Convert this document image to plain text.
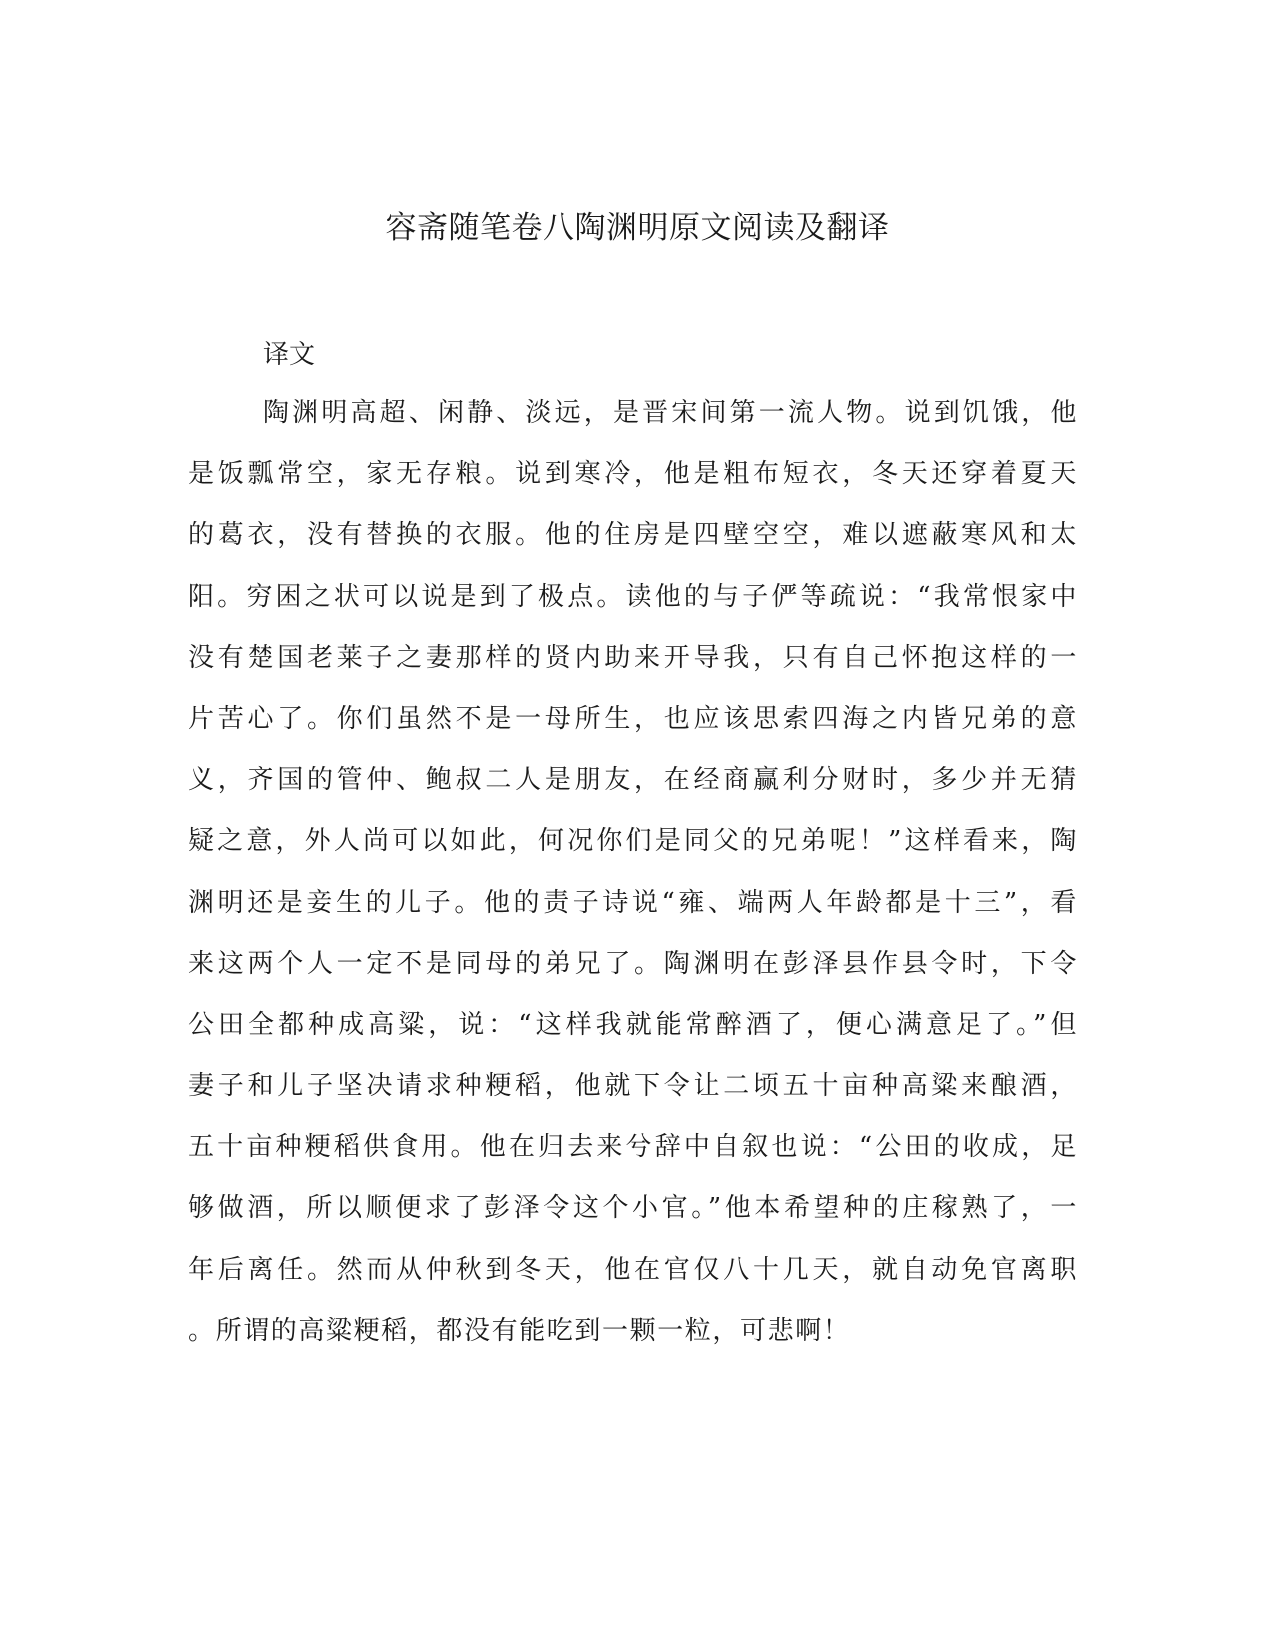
容斋随笔卷八陶渊明原文阅读及翻译
译文
陶渊明高超、闲静、淡远，是晋宋间第一流人物。说到饥饿，他
是饭瓢常空，家无存粮。说到寒冷，他是粗布短衣，冬天还穿着夏天
的葛衣，没有替换的衣服。他的住房是四壁空空，难以遮蔽寒风和太
阳。穷困之状可以说是到了极点。读他的与子俨等疏说：“我常恨家中
没有楚国老莱子之妻那样的贤内助来开导我，只有自己怀抱这样的一
片苦心了。你们虽然不是一母所生，也应该思索四海之内皆兄弟的意
义，齐国的管仲、鲍叔二人是朋友，在经商赢利分财时，多少并无猜
疑之意，外人尚可以如此，何况你们是同父的兄弟呢！”这样看来，陶
渊明还是妾生的儿子。他的责子诗说“雍、端两人年龄都是十三”，看
来这两个人一定不是同母的弟兄了。陶渊明在彭泽县作县令时，下令
公田全都种成高粱，说：“这样我就能常醉酒了，便心满意足了。”但
妻子和儿子坚决请求种粳稻，他就下令让二顷五十亩种高粱来酿酒，
五十亩种粳稻供食用。他在归去来兮辞中自叙也说：“公田的收成，足
够做酒，所以顺便求了彭泽令这个小官。”他本希望种的庄稼熟了，一
年后离任。然而从仲秋到冬天，他在官仅八十几天，就自动免官离职
。所谓的高粱粳稻，都没有能吃到一颗一粒，可悲啊！
